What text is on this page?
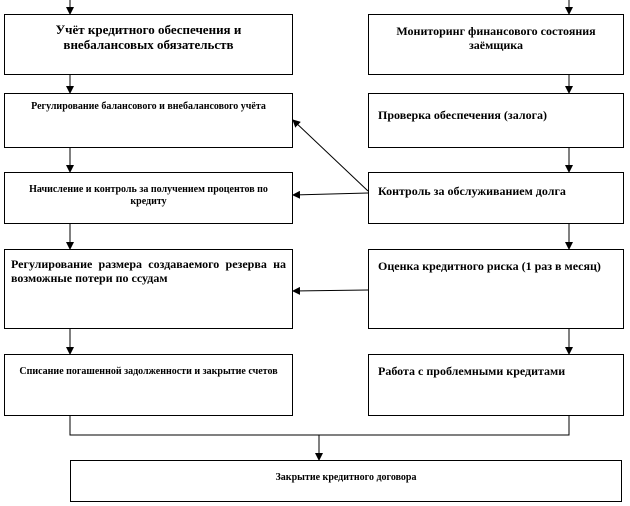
Учёт кредитного обеспечения и внебалансовых обязательств
Регулирование балансового и внебалансового учёта
Начисление и контроль за получением процентов по кредиту
Регулирование размера создаваемого резерва на возможные потери по ссудам
Списание погашенной задолженности и закрытие счетов
Мониторинг финансового состояния заёмщика
Проверка обеспечения (залога)
Контроль за обслуживанием долга
Оценка кредитного риска (1 раз в месяц)
Работа с проблемными кредитами
Закрытие кредитного договора
